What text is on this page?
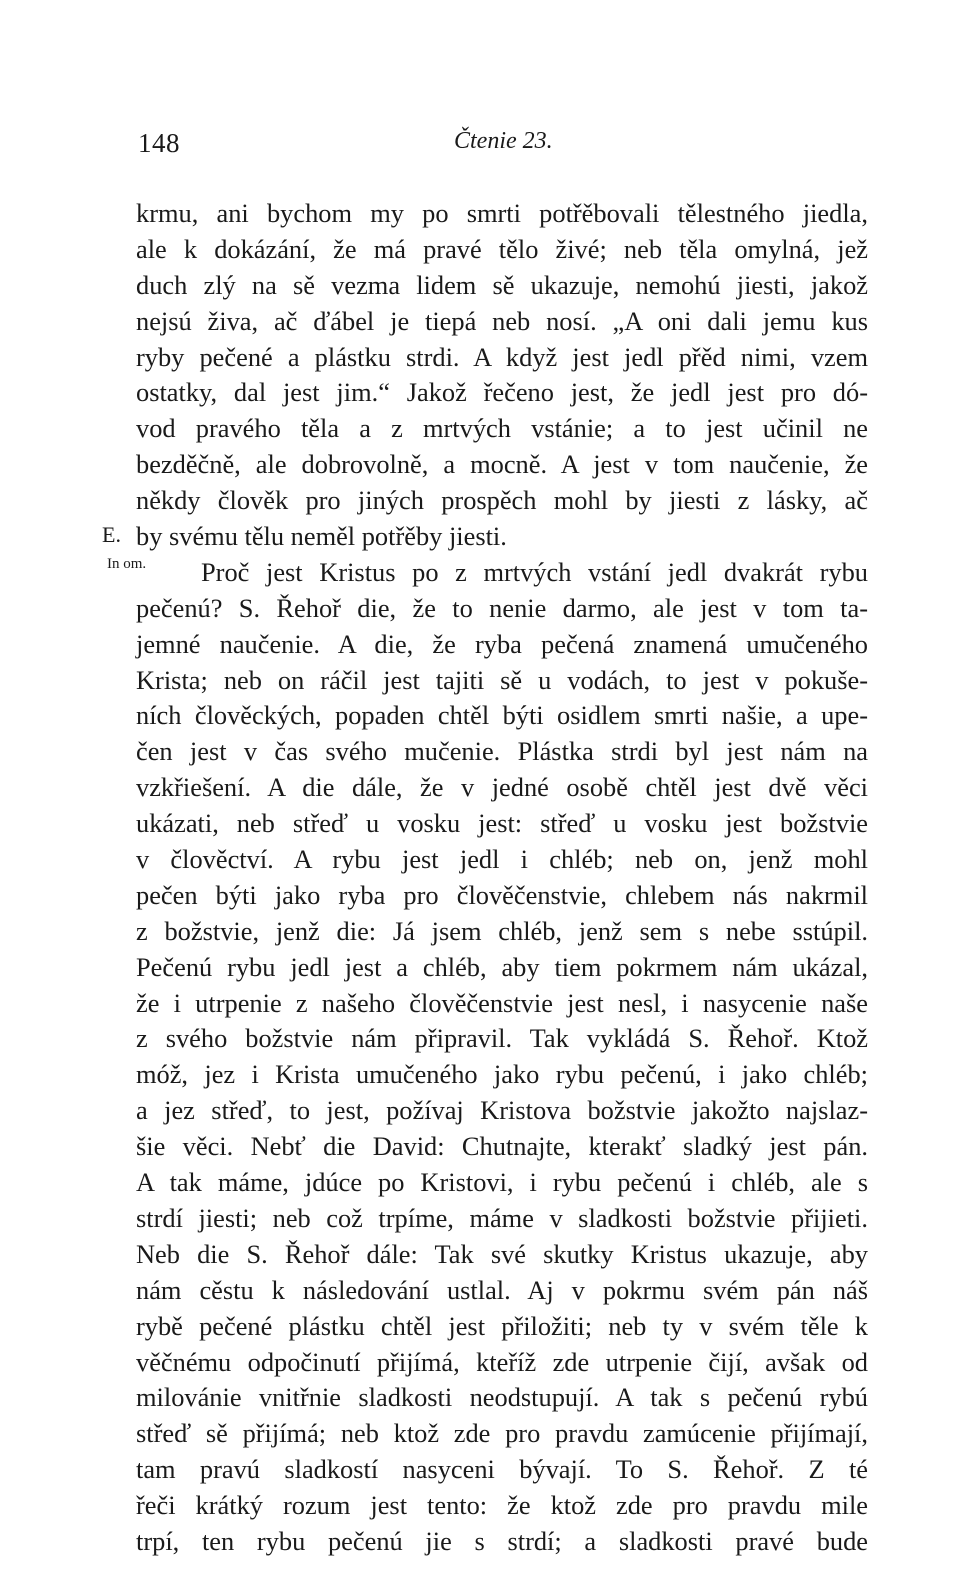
148	Čtenie 23.
E.
In om.
krmu, ani bychom my po smrti potřěbovali tělestného jiedla,
ale k dokázání, že má pravé tělo živé; neb těla omylná, jež
duch zlý na sě vezma lidem sě ukazuje, nemohú jiesti, jakož
nejsú živa, ač ďábel je tiepá neb nosí. „A oni dali jemu kus
ryby pečené a plástku strdi. A když jest jedl přěd nimi, vzem
ostatky, dal jest jim.“ Jakož řečeno jest, že jedl jest pro dó-
vod pravého těla a z mrtvých vstánie; a to jest učinil ne
bezděčně, ale dobrovolně, a mocně. A jest v tom naučenie, že
někdy člověk pro jiných prospěch mohl by jiesti z lásky, ač
by svému tělu neměl potřěby jiesti.
Proč jest Kristus po z mrtvých vstání jedl dvakrát rybu
pečenú? S. Řehoř die, že to nenie darmo, ale jest v tom ta-
jemné naučenie. A die, že ryba pečená znamená umučeného
Krista; neb on ráčil jest tajiti sě u vodách, to jest v pokuše-
ních člověckých, popaden chtěl býti osidlem smrti našie, a upe-
čen jest v čas svého mučenie. Plástka strdi byl jest nám na
vzkřiešení. A die dále, že v jedné osobě chtěl jest dvě věci
ukázati, neb střeď u vosku jest: střeď u vosku jest božstvie
v člověctví. A rybu jest jedl i chléb; neb on, jenž mohl
pečen býti jako ryba pro člověčenstvie, chlebem nás nakrmil
z božstvie, jenž die: Já jsem chléb, jenž sem s nebe sstúpil.
Pečenú rybu jedl jest a chléb, aby tiem pokrmem nám ukázal,
že i utrpenie z našeho člověčenstvie jest nesl, i nasycenie naše
z svého božstvie nám připravil. Tak vykládá S. Řehoř. Ktož
móž, jez i Krista umučeného jako rybu pečenú, i jako chléb;
a jez střeď, to jest, požívaj Kristova božstvie jakožto najslaz-
šie věci. Nebť die David: Chutnajte, kterakť sladký jest pán.
A tak máme, jdúce po Kristovi, i rybu pečenú i chléb, ale s
strdí jiesti; neb což trpíme, máme v sladkosti božstvie přijieti.
Neb die S. Řehoř dále: Tak své skutky Kristus ukazuje, aby
nám cěstu k následování ustlal. Aj v pokrmu svém pán náš
rybě pečené plástku chtěl jest přiložiti; neb ty v svém těle k
věčnému odpočinutí přijímá, kteříž zde utrpenie čijí, avšak od
milovánie vnitřnie sladkosti neodstupují. A tak s pečenú rybú
střeď sě přijímá; neb ktož zde pro pravdu zamúcenie přijímají,
tam pravú sladkostí nasyceni bývají. To S. Řehoř. Z té
řeči krátký rozum jest tento: že ktož zde pro pravdu mile
trpí, ten rybu pečenú jie s strdí; a sladkosti pravé bude
